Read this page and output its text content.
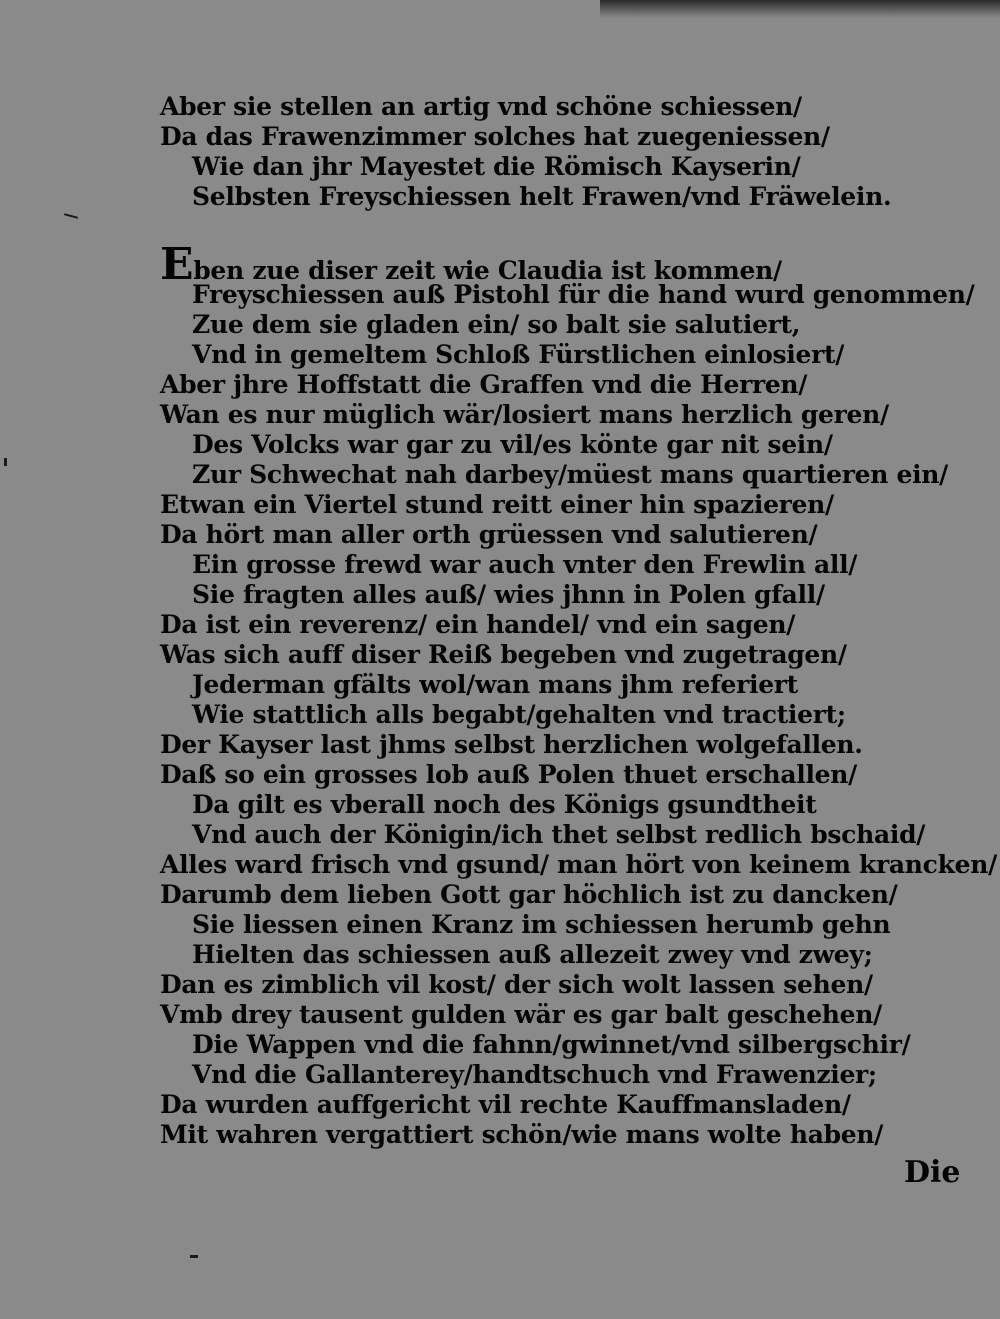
Aber sie stellen an artig vnd schöne schiessen/
Da das Frawenzimmer solches hat zuegeniessen/
Wie dan jhr Mayestet die Römisch Kayserin/
Selbsten Freyschiessen helt Frawen/vnd Fräwelein.
Eben zue diser zeit wie Claudia ist kommen/
Freyschiessen auß Pistohl für die hand wurd genommen/
Zue dem sie gladen ein/ so balt sie salutiert,
Vnd in gemeltem Schloß Fürstlichen einlosiert/
Aber jhre Hoffstatt die Graffen vnd die Herren/
Wan es nur müglich wär/losiert mans herzlich geren/
Des Volcks war gar zu vil/es könte gar nit sein/
Zur Schwechat nah darbey/müest mans quartieren ein/
Etwan ein Viertel stund reitt einer hin spazieren/
Da hört man aller orth grüessen vnd salutieren/
Ein grosse frewd war auch vnter den Frewlin all/
Sie fragten alles auß/ wies jhnn in Polen gfall/
Da ist ein reverenz/ ein handel/ vnd ein sagen/
Was sich auff diser Reiß begeben vnd zugetragen/
Jederman gfälts wol/wan mans jhm referiert
Wie stattlich alls begabt/gehalten vnd tractiert;
Der Kayser last jhms selbst herzlichen wolgefallen.
Daß so ein grosses lob auß Polen thuet erschallen/
Da gilt es vberall noch des Königs gsundtheit
Vnd auch der Königin/ich thet selbst redlich bschaid/
Alles ward frisch vnd gsund/ man hört von keinem krancken/
Darumb dem lieben Gott gar höchlich ist zu dancken/
Sie liessen einen Kranz im schiessen herumb gehn
Hielten das schiessen auß allezeit zwey vnd zwey;
Dan es zimblich vil kost/ der sich wolt lassen sehen/
Vmb drey tausent gulden wär es gar balt geschehen/
Die Wappen vnd die fahnn/gwinnet/vnd silbergschir/
Vnd die Gallanterey/handtschuch vnd Frawenzier;
Da wurden auffgericht vil rechte Kauffmansladen/
Mit wahren vergattiert schön/wie mans wolte haben/
Die
